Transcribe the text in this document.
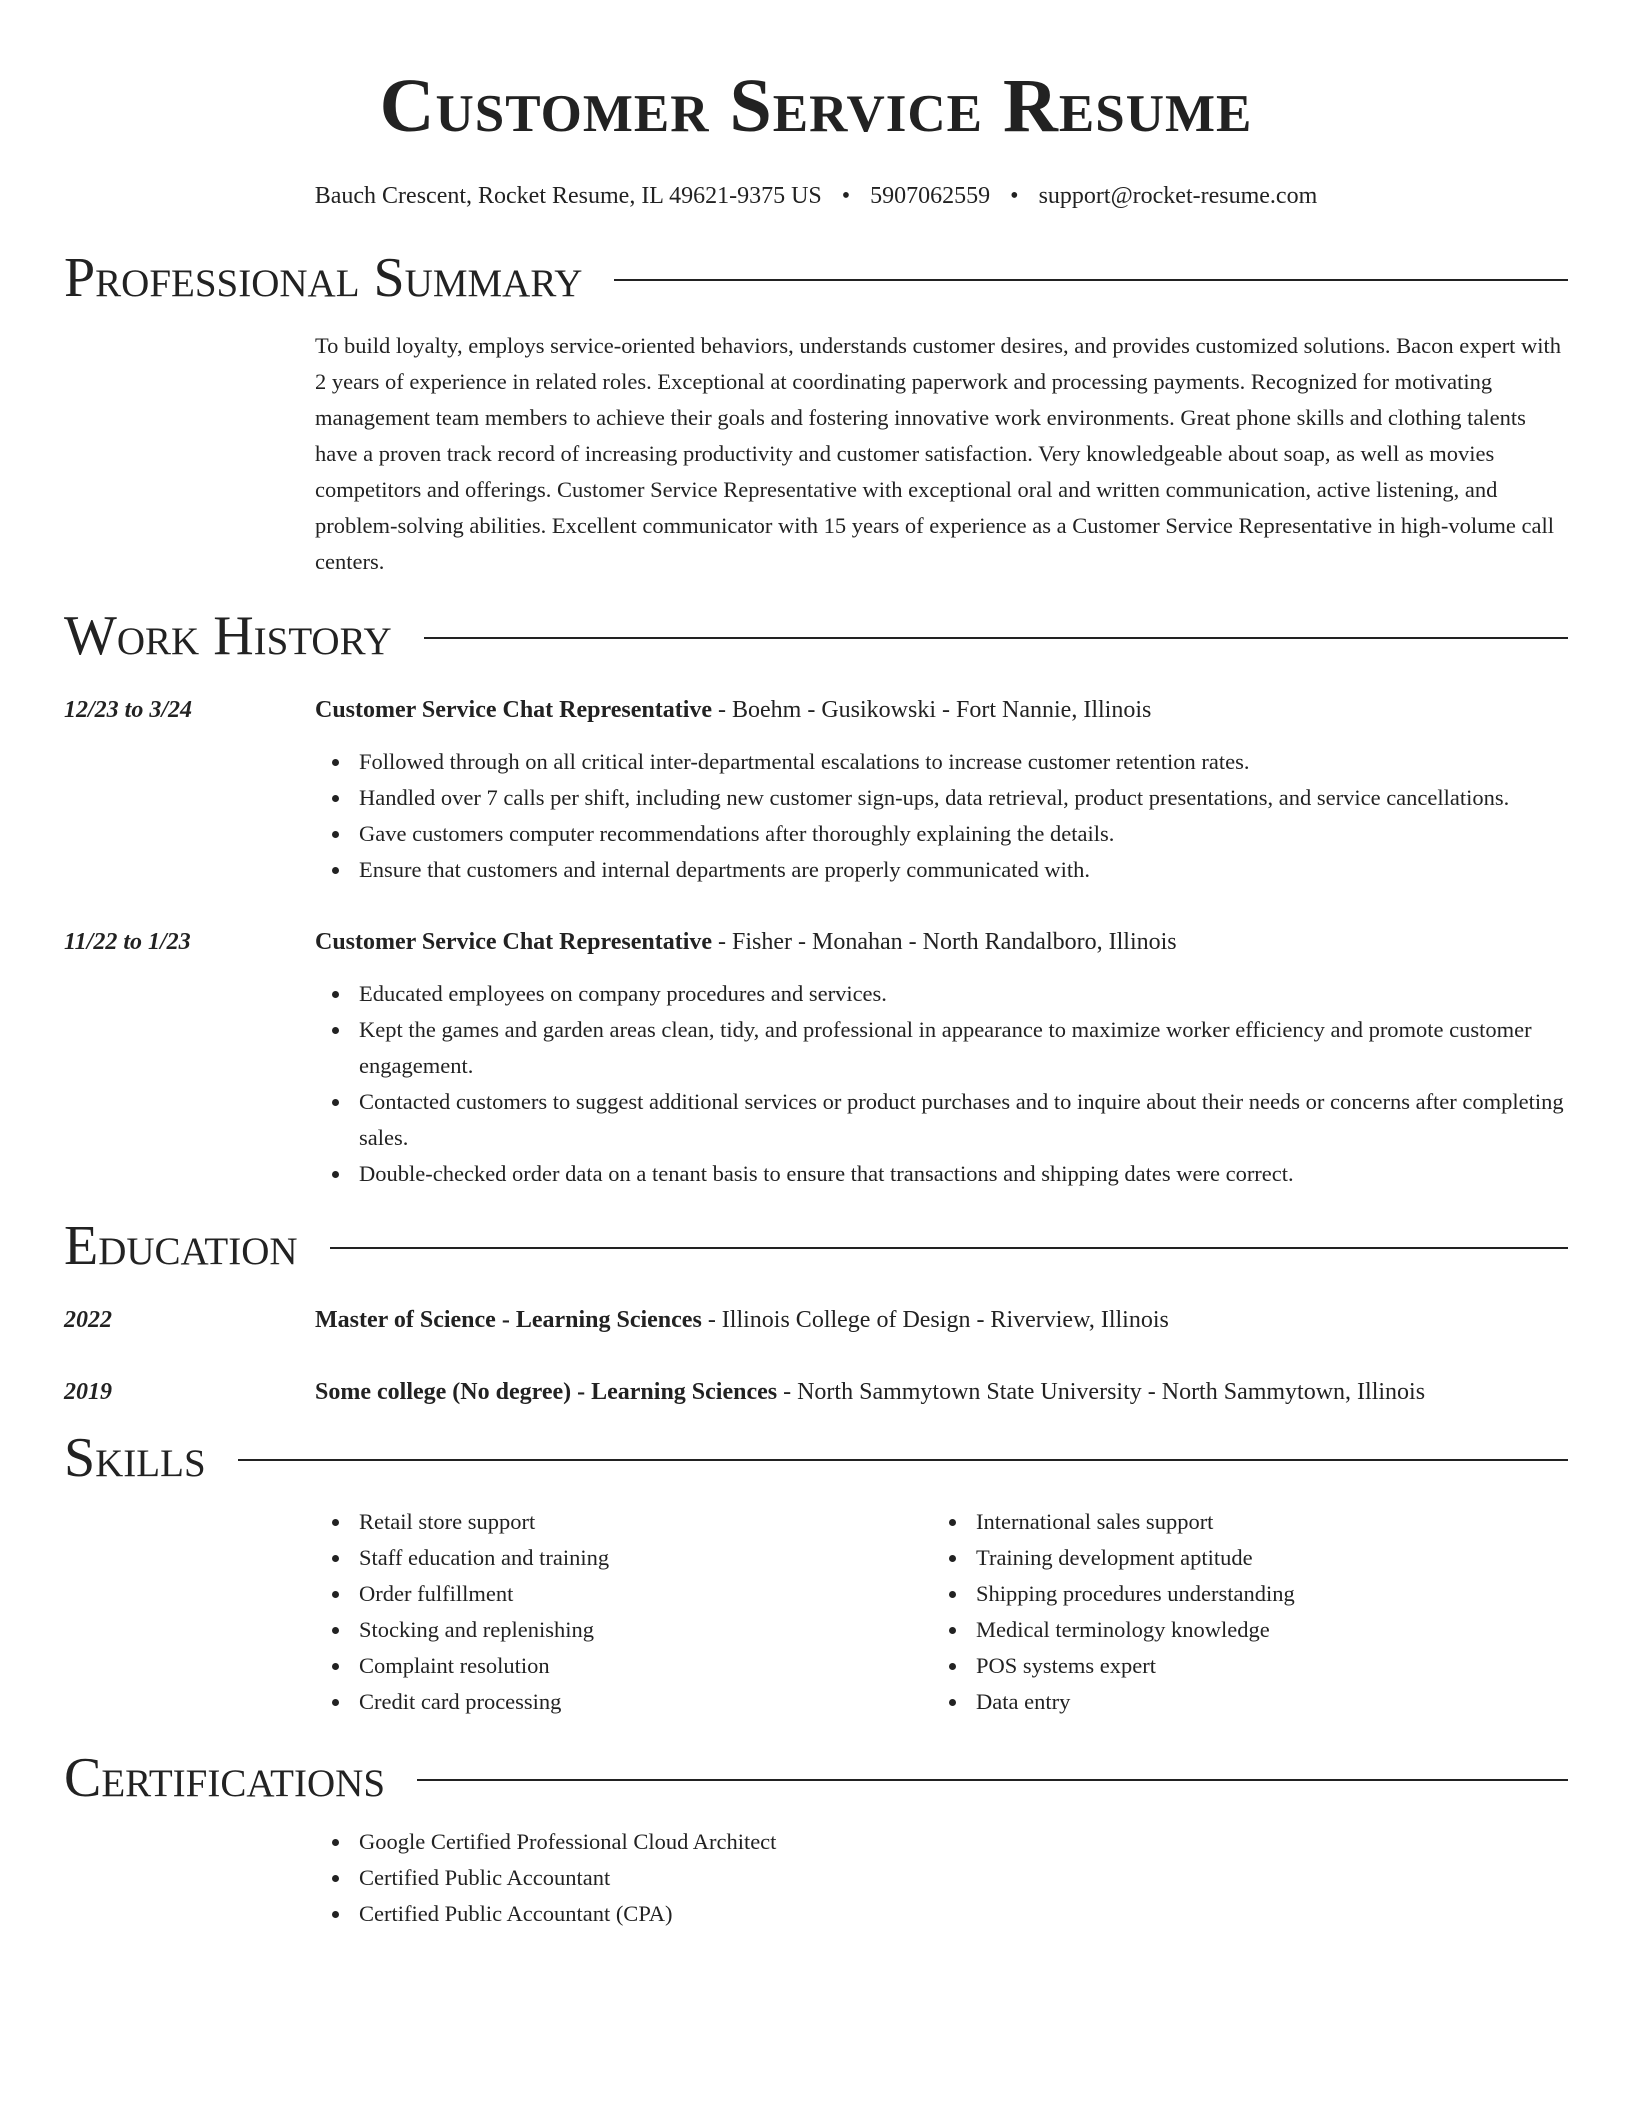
Customer Service Resume
Bauch Crescent, Rocket Resume, IL 49621-9375 US • 5907062559 • support@rocket-resume.com
Professional Summary

To build loyalty, employs service-oriented behaviors, understands customer desires, and provides customized solutions. Bacon expert with 2 years of experience in related roles. Exceptional at coordinating paperwork and processing payments. Recognized for motivating management team members to achieve their goals and fostering innovative work environments. Great phone skills and clothing talents have a proven track record of increasing productivity and customer satisfaction. Very knowledgeable about soap, as well as movies competitors and offerings. Customer Service Representative with exceptional oral and written communication, active listening, and problem-solving abilities. Excellent communicator with 15 years of experience as a Customer Service Representative in high-volume call centers.

Work History
12/23 to 3/24	Customer Service Chat Representative - Boehm - Gusikowski - Fort Nannie, Illinois
Followed through on all critical inter-departmental escalations to increase customer retention rates.
Handled over 7 calls per shift, including new customer sign-ups, data retrieval, product presentations, and service cancellations.
Gave customers computer recommendations after thoroughly explaining the details.
Ensure that customers and internal departments are properly communicated with.
11/22 to 1/23	Customer Service Chat Representative - Fisher - Monahan - North Randalboro, Illinois
Educated employees on company procedures and services.
Kept the games and garden areas clean, tidy, and professional in appearance to maximize worker efficiency and promote customer engagement.
Contacted customers to suggest additional services or product purchases and to inquire about their needs or concerns after completing sales.
Double-checked order data on a tenant basis to ensure that transactions and shipping dates were correct.
Education
2022	Master of Science - Learning Sciences - Illinois College of Design - Riverview, Illinois
2019	Some college (No degree) - Learning Sciences - North Sammytown State University - North Sammytown, Illinois
Skills
Retail store support
Staff education and training
Order fulfillment
Stocking and replenishing
Complaint resolution
Credit card processing
International sales support
Training development aptitude
Shipping procedures understanding
Medical terminology knowledge
POS systems expert
Data entry
Certifications
Google Certified Professional Cloud Architect
Certified Public Accountant
Certified Public Accountant (CPA)
